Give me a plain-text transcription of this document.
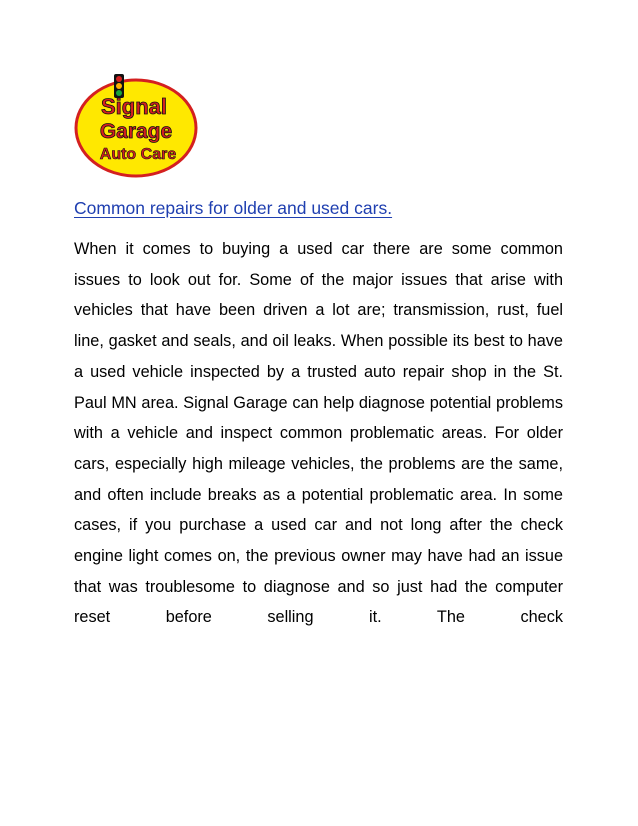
Signal
Garage
Auto Care
Common repairs for older and used cars.

When it comes to buying a used car there are some common issues to look out for. Some of the major issues that arise with vehicles that have been driven a lot are; transmission, rust, fuel line, gasket and seals, and oil leaks. When possible its best to have a used vehicle inspected by a trusted auto repair shop in the St. Paul MN area. Signal Garage can help diagnose potential problems with a vehicle and inspect common problematic areas. For older cars, especially high mileage vehicles, the problems are the same, and often include breaks as a potential problematic area. In some cases, if you purchase a used car and not long after the check engine light comes on, the previous owner may have had an issue that was troublesome to diagnose and so just had the computer reset before selling it. The check
